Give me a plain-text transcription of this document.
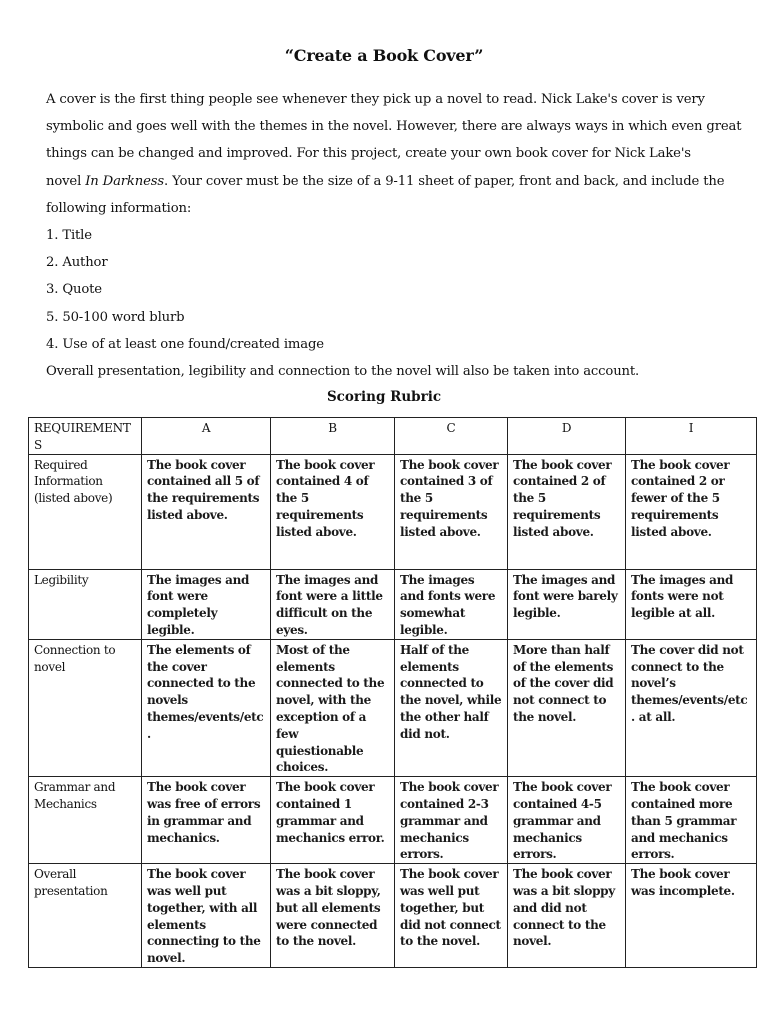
“Create a Book Cover”

A cover is the first thing people see whenever they pick up a novel to read. Nick Lake's cover is very
symbolic and goes well with the themes in the novel. However, there are always ways in which even great
things can be changed and improved. For this project, create your own book cover for Nick Lake's
novel In Darkness. Your cover must be the size of a 9-11 sheet of paper, front and back, and include the
following information:

1. Title
2. Author
3. Quote
5. 50-100 word blurb
4. Use of at least one found/created image

Overall presentation, legibility and connection to the novel will also be taken into account.

Scoring Rubric
REQUIREMENTS	A	B	C	D	I
Required Information (listed above)	The book cover contained all 5 of the requirements listed above.	The book cover contained 4 of the 5 requirements listed above.	The book cover contained 3 of the 5 requirements listed above.	The book cover contained 2 of the 5 requirements listed above.	The book cover contained 2 or fewer of the 5 requirements listed above.
Legibility	The images and font were completely legible.	The images and font were a little difficult on the eyes.	The images and fonts were somewhat legible.	The images and font were barely legible.	The images and fonts were not legible at all.
Connection to novel	The elements of the cover connected to the novels themes/events/etc.	Most of the elements connected to the novel, with the exception of a few quiestionable choices.	Half of the elements connected to the novel, while the other half did not.	More than half of the elements of the cover did not connect to the novel.	The cover did not connect to the novel’s themes/events/etc. at all.
Grammar and Mechanics	The book cover was free of errors in grammar and mechanics.	The book cover contained 1 grammar and mechanics error.	The book cover contained 2-3 grammar and mechanics errors.	The book cover contained 4-5 grammar and mechanics errors.	The book cover contained more than 5 grammar and mechanics errors.
Overall presentation	The book cover was well put together, with all elements connecting to the novel.	The book cover was a bit sloppy, but all elements were connected to the novel.	The book cover was well put together, but did not connect to the novel.	The book cover was a bit sloppy and did not connect to the novel.	The book cover was incomplete.
